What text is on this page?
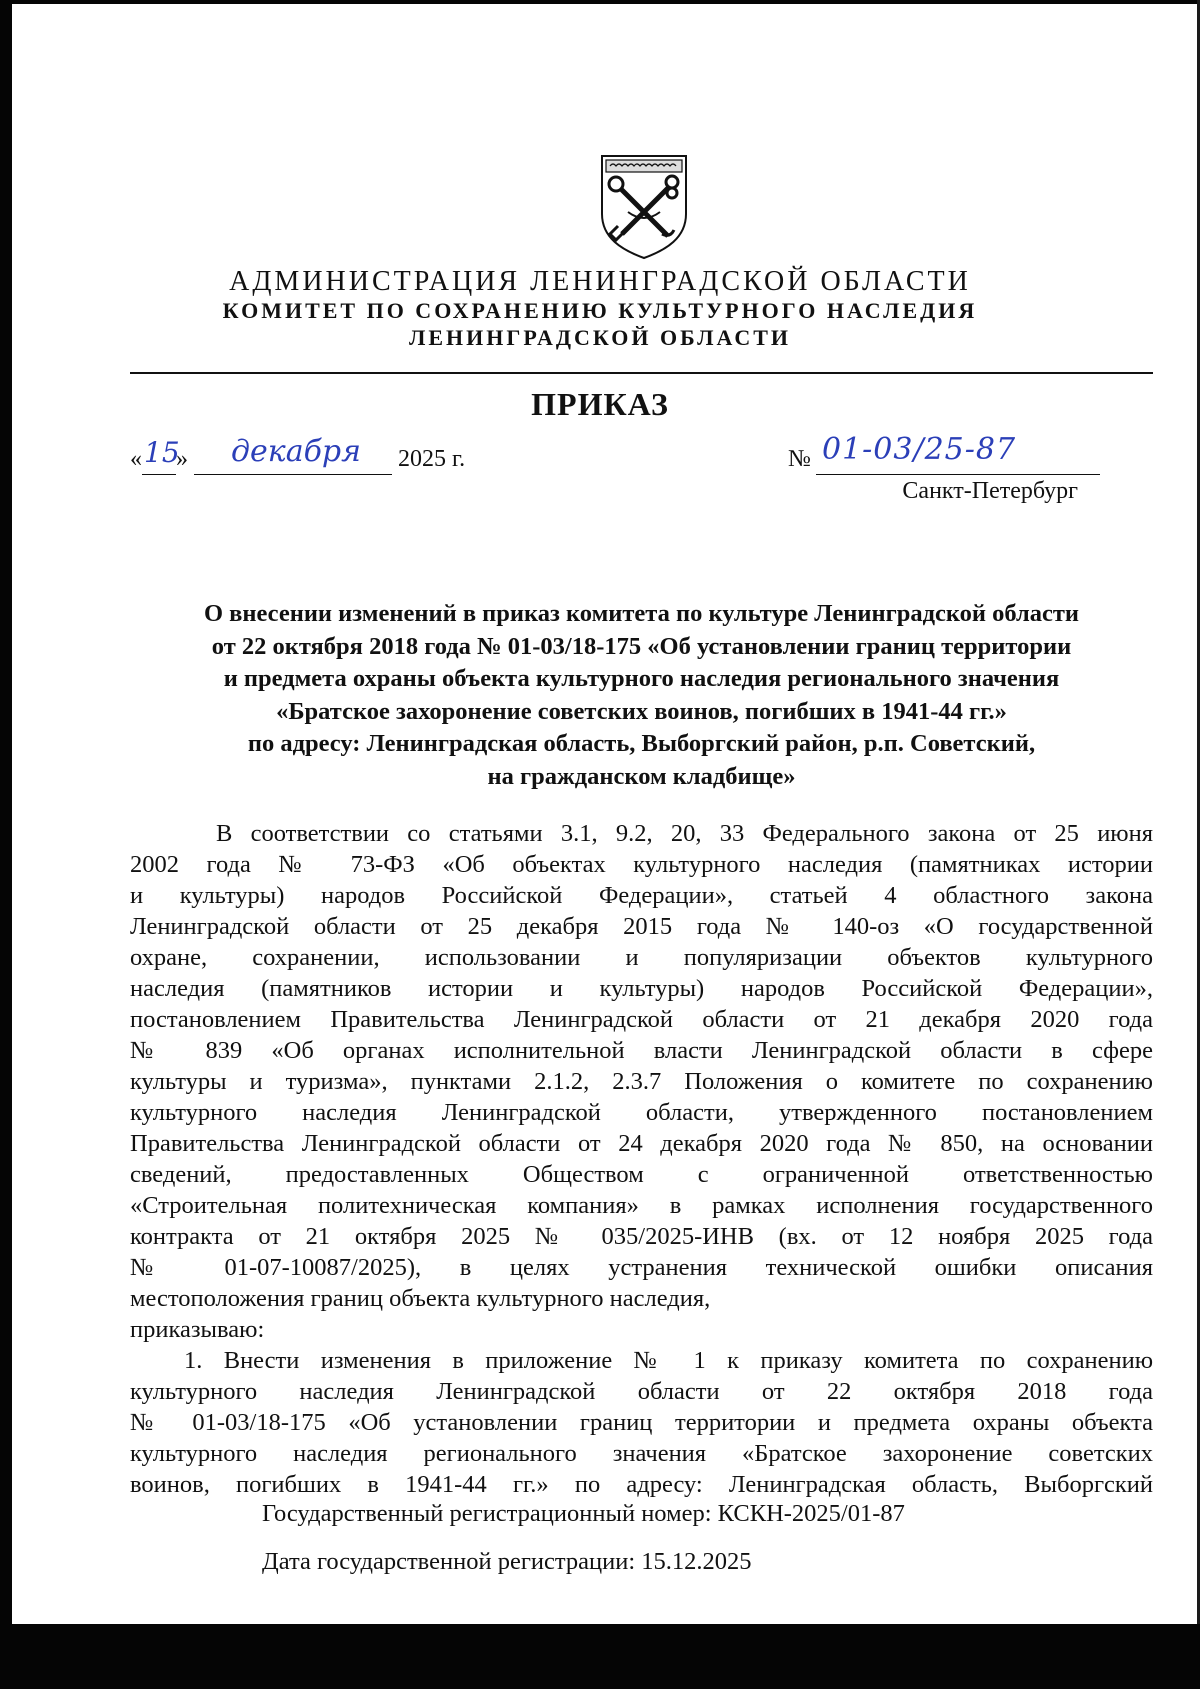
АДМИНИСТРАЦИЯ ЛЕНИНГРАДСКОЙ ОБЛАСТИ
КОМИТЕТ ПО СОХРАНЕНИЮ КУЛЬТУРНОГО НАСЛЕДИЯ
ЛЕНИНГРАДСКОЙ ОБЛАСТИ
ПРИКАЗ
« 15
»	декабря	2025 г.	№ 01-03/25-87
Санкт-Петербург
О внесении изменений в приказ комитета по культуре Ленинградской области
от 22 октября 2018 года № 01-03/18-175 «Об установлении границ территории
и предмета охраны объекта культурного наследия регионального значения
«Братское захоронение советских воинов, погибших в 1941-44 гг.»
по адресу: Ленинградская область, Выборгский район, р.п. Советский,
на гражданском кладбище»
В соответствии со статьями 3.1, 9.2, 20, 33 Федерального закона от 25 июня
2002 года № 73-ФЗ «Об объектах культурного наследия (памятниках истории
и культуры) народов Российской Федерации», статьей 4 областного закона
Ленинградской области от 25 декабря 2015 года № 140-оз «О государственной
охране, сохранении, использовании и популяризации объектов культурного
наследия (памятников истории и культуры) народов Российской Федерации»,
постановлением Правительства Ленинградской области от 21 декабря 2020 года
№ 839 «Об органах исполнительной власти Ленинградской области в сфере
культуры и туризма», пунктами 2.1.2, 2.3.7 Положения о комитете по сохранению
культурного наследия Ленинградской области, утвержденного постановлением
Правительства Ленинградской области от 24 декабря 2020 года № 850, на основании
сведений, предоставленных Обществом с ограниченной ответственностью
«Строительная политехническая компания» в рамках исполнения государственного
контракта от 21 октября 2025 № 035/2025-ИНВ (вх. от 12 ноября 2025 года
№ 01-07-10087/2025), в целях устранения технической ошибки описания
местоположения границ объекта культурного наследия,
приказываю:
1. Внести изменения в приложение № 1 к приказу комитета по сохранению
культурного наследия Ленинградской области от 22 октября 2018 года
№ 01-03/18-175 «Об установлении границ территории и предмета охраны объекта
культурного наследия регионального значения «Братское захоронение советских
воинов, погибших в 1941-44 гг.» по адресу: Ленинградская область, Выборгский
Государственный регистрационный номер: КСКН-2025/01-87
Дата государственной регистрации: 15.12.2025
